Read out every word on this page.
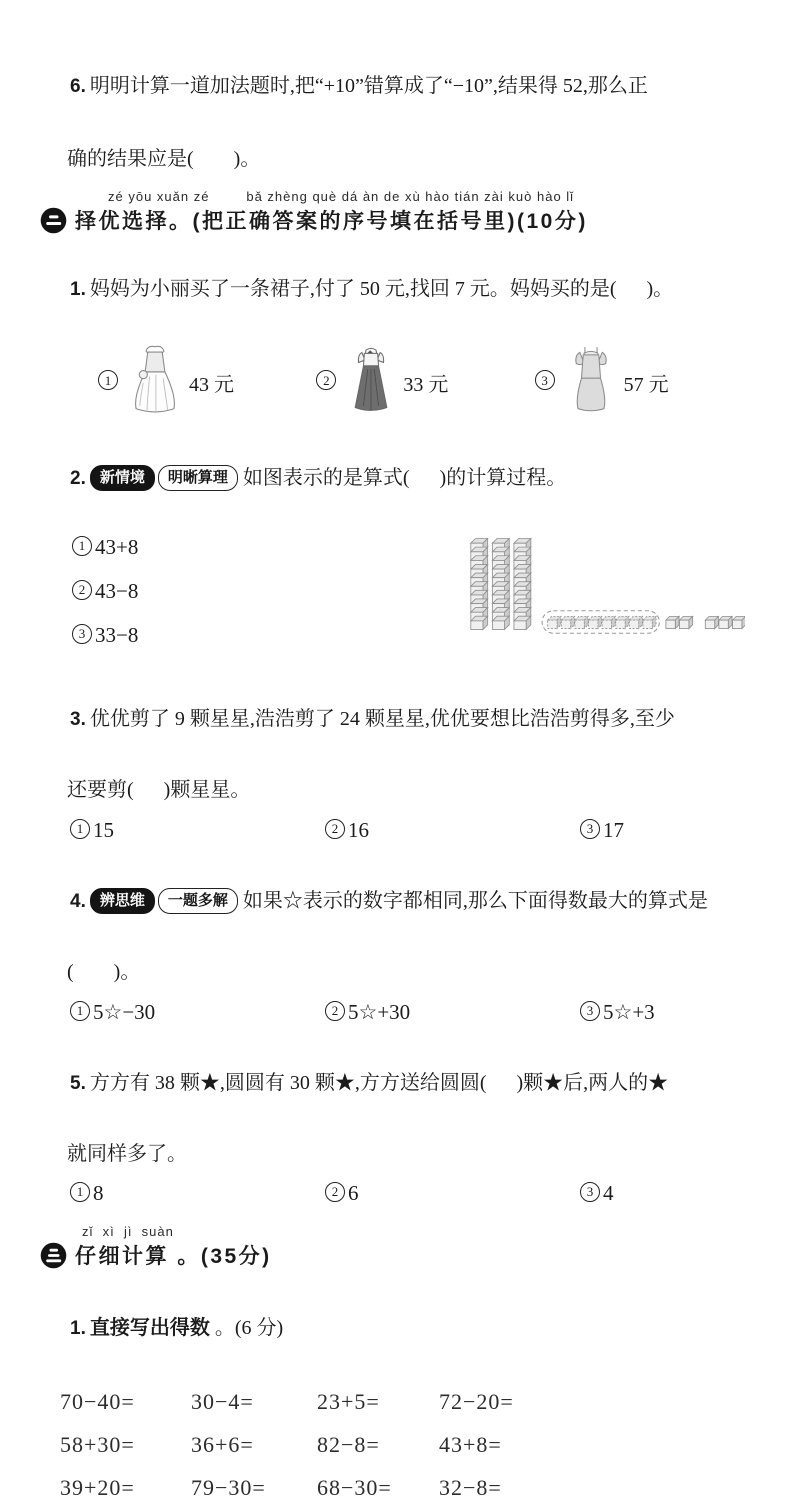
6. 明明计算一道加法题时,把“+10”错算成了“−10”,结果得 52,那么正

确的结果应是(        )。
zé yōu xuǎn zé        bǎ zhèng què dá àn de xù hào tián zài kuò hào lǐ
择优选择。(把正确答案的序号填在括号里)(10分)

1. 妈妈为小丽买了一条裙子,付了 50 元,找回 7 元。妈妈买的是(      )。

1	43 元	2	33 元	3	57 元

2. 新情境 明晰算理 如图表示的是算式(      )的计算过程。

1 43+8
2 43−8
3 33−8

3. 优优剪了 9 颗星星,浩浩剪了 24 颗星星,优优要想比浩浩剪得多,至少

还要剪(      )颗星星。
1 15	2 16	3 17

4. 辨思维 一题多解 如果☆表示的数字都相同,那么下面得数最大的算式是

(        )。
1 5☆−30	2 5☆+30	3 5☆+3

5. 方方有 38 颗★,圆圆有 30 颗★,方方送给圆圆(      )颗★后,两人的★

就同样多了。
1 8	2 6	3 4
zǐ  xì  jì  suàn
仔细计算 。(35分)

1. 直接写出得数 。(6 分)

70−40=	30−4=	23+5=	72−20=
58+30=	36+6=	82−8=	43+8=
39+20=	79−30=	68−30=	32−8=
